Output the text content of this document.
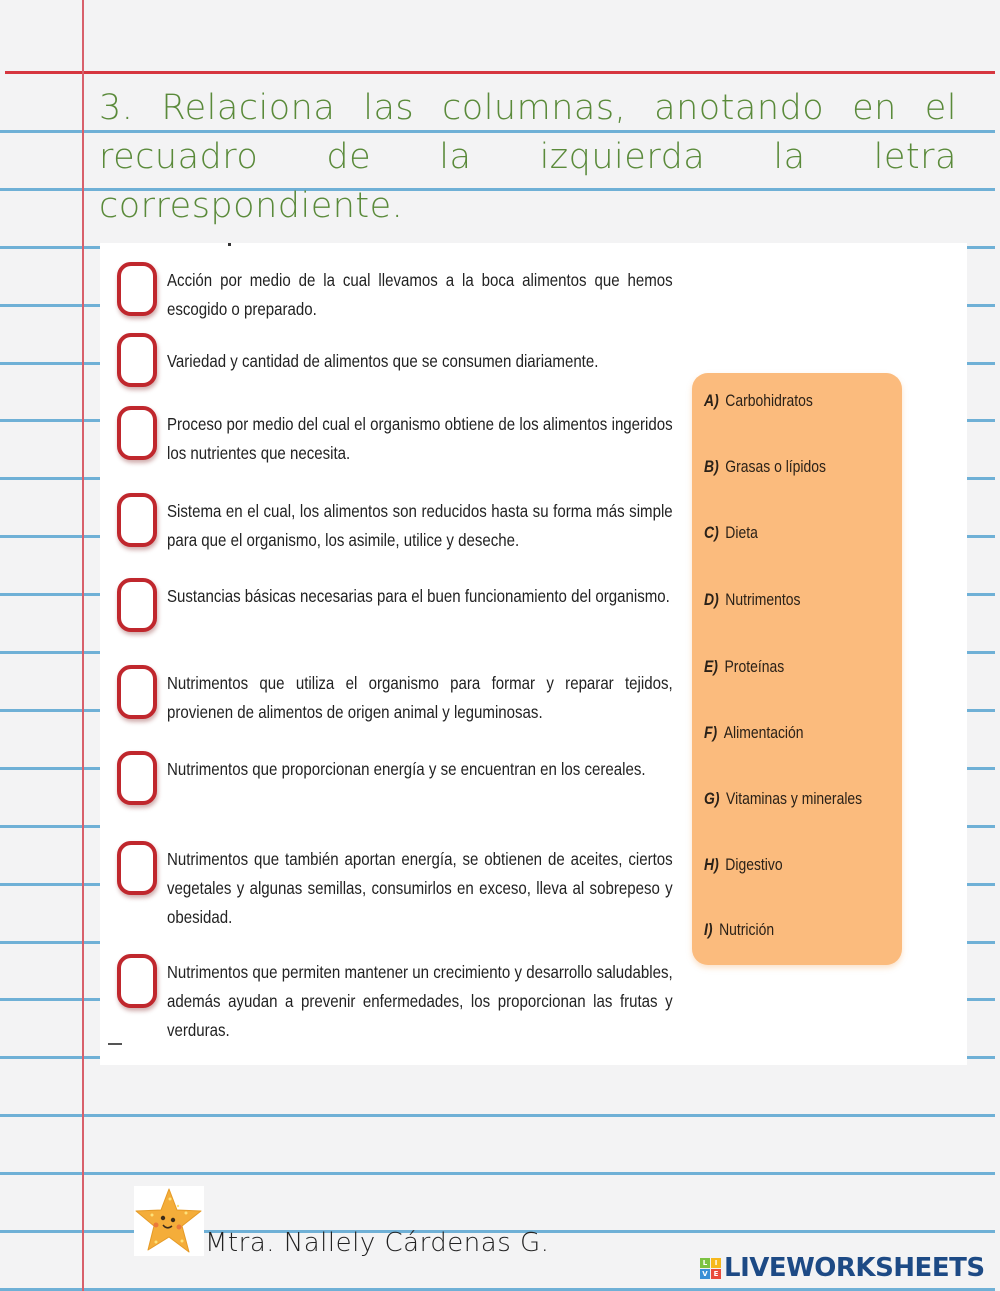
3. Relaciona las columnas, anotando en el recuadro de la izquierda la letra correspondiente.
Acción por medio de la cual llevamos a la boca alimentos que hemos escogido o preparado.
Variedad y cantidad de alimentos que se consumen diariamente.
Proceso por medio del cual el organismo obtiene de los alimentos ingeridos los nutrientes que necesita.
Sistema en el cual, los alimentos son reducidos hasta su forma más simple para que el organismo, los asimile, utilice y deseche.
Sustancias básicas necesarias para el buen funcionamiento del organismo.
Nutrimentos que utiliza el organismo para formar y reparar tejidos, provienen de alimentos de origen animal y leguminosas.
Nutrimentos que proporcionan energía y se encuentran en los cereales.
Nutrimentos que también aportan energía, se obtienen de aceites, ciertos vegetales y algunas semillas, consumirlos en exceso, lleva al sobrepeso y obesidad.
Nutrimentos que permiten mantener un crecimiento y desarrollo saludables, además ayudan a prevenir enfermedades, los proporcionan las frutas y verduras.
A) Carbohidratos
B) Grasas o lípidos
C) Dieta
D) Nutrimentos
E) Proteínas
F) Alimentación
G) Vitaminas y minerales
H) Digestivo
I) Nutrición
Mtra. Nallely Cárdenas G.
L	I
V E LIVEWORKSHEETS
